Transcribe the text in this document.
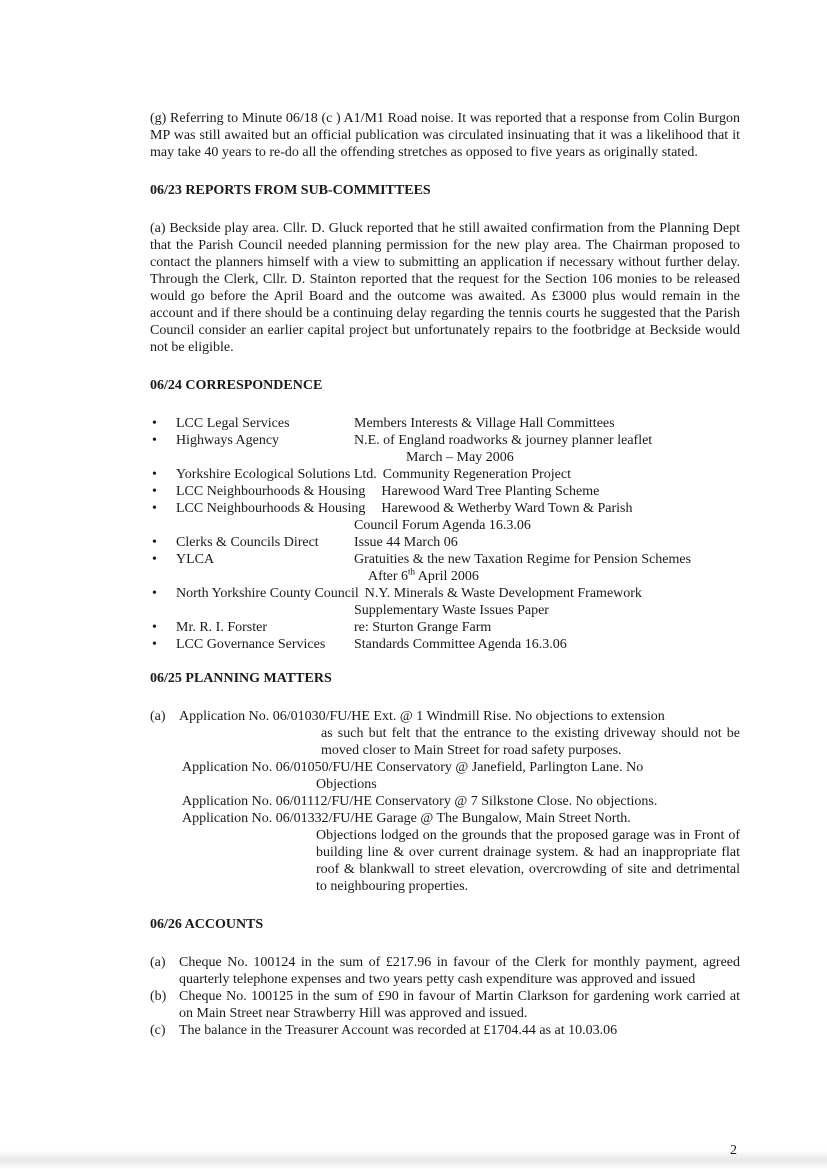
(g) Referring to Minute 06/18 (c ) A1/M1 Road noise. It was reported that a response from Colin Burgon MP was still awaited but an official publication was circulated insinuating that it was a likelihood that it may take 40 years to re-do all the offending stretches as opposed to five years as originally stated.

06/23 REPORTS FROM SUB-COMMITTEES

(a) Beckside play area. Cllr. D. Gluck reported that he still awaited confirmation from the Planning Dept that the Parish Council needed planning permission for the new play area. The Chairman proposed to contact the planners himself with a view to submitting an application if necessary without further delay. Through the Clerk, Cllr. D. Stainton reported that the request for the Section 106 monies to be released would go before the April Board and the outcome was awaited. As £3000 plus would remain in the account and if there should be a continuing delay regarding the tennis courts he suggested that the Parish Council consider an earlier capital project but unfortunately repairs to the footbridge at Beckside would not be eligible.

06/24 CORRESPONDENCE
• LCC Legal Services	Members Interests & Village Hall Committees
• Highways Agency	N.E. of England roadworks & journey planner leaflet
March – May 2006
• Yorkshire Ecological Solutions Ltd. Community Regeneration Project
• LCC Neighbourhoods & Housing	Harewood Ward Tree Planting Scheme
• LCC Neighbourhoods & Housing	Harewood & Wetherby Ward Town & Parish
Council Forum Agenda 16.3.06
• Clerks & Councils Direct	Issue 44 March 06
• YLCA	Gratuities & the new Taxation Regime for Pension Schemes
After 6th April 2006
• North Yorkshire County Council N.Y. Minerals & Waste Development Framework
Supplementary Waste Issues Paper
• Mr. R. I. Forster	re: Sturton Grange Farm
• LCC Governance Services	Standards Committee Agenda 16.3.06
06/25 PLANNING MATTERS
(a) Application No. 06/01030/FU/HE Ext. @ 1 Windmill Rise. No objections to extension
as such but felt that the entrance to the existing driveway should not be moved closer to Main Street for road safety purposes.
Application No. 06/01050/FU/HE Conservatory @ Janefield, Parlington Lane. No
Objections
Application No. 06/01112/FU/HE Conservatory @ 7 Silkstone Close. No objections.
Application No. 06/01332/FU/HE Garage @ The Bungalow, Main Street North.
Objections lodged on the grounds that the proposed garage was in Front of building line & over current drainage system. & had an inappropriate flat roof & blankwall to street elevation, overcrowding of site and detrimental to neighbouring properties.
06/26 ACCOUNTS
(a) Cheque No. 100124 in the sum of £217.96 in favour of the Clerk for monthly payment, agreed quarterly telephone expenses and two years petty cash expenditure was approved and issued
(b) Cheque No. 100125 in the sum of £90 in favour of Martin Clarkson for gardening work carried at on Main Street near Strawberry Hill was approved and issued.
(c) The balance in the Treasurer Account was recorded at £1704.44 as at 10.03.06
2
